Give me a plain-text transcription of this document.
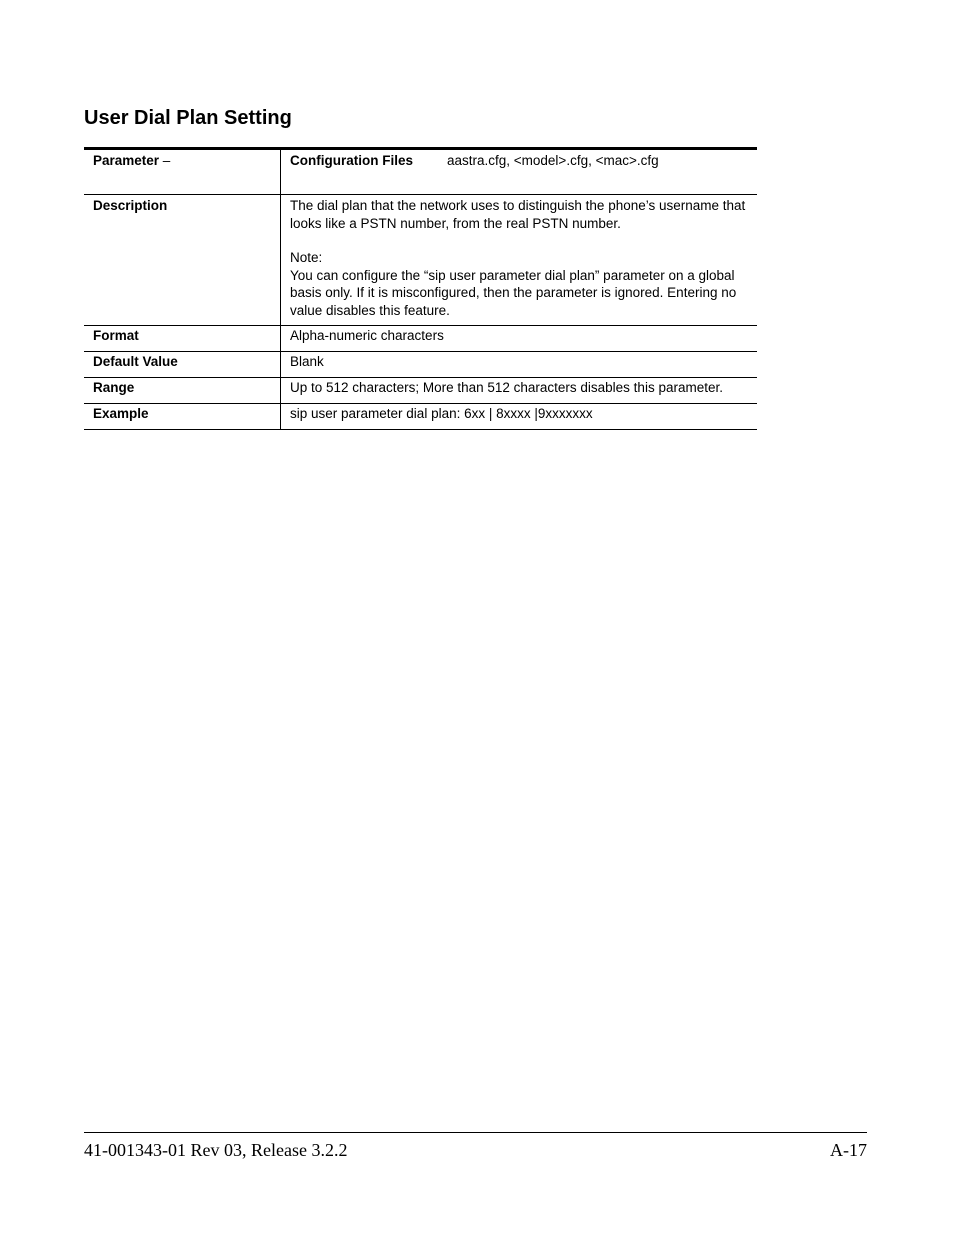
User Dial Plan Setting
Parameter –	Configuration Files aastra.cfg, <model>.cfg, <mac>.cfg
Description	The dial plan that the network uses to distinguish the phone’s username that looks like a PSTN number, from the real PSTN number.

Note:

You can configure the “sip user parameter dial plan” parameter on a global basis only. If it is misconfigured, then the parameter is ignored. Entering no value disables this feature.

Format	Alpha-numeric characters
Default Value	Blank
Range	Up to 512 characters; More than 512 characters disables this parameter.
Example	sip user parameter dial plan: 6xx | 8xxxx |9xxxxxxx
41-001343-01 Rev 03, Release 3.2.2	A-17
